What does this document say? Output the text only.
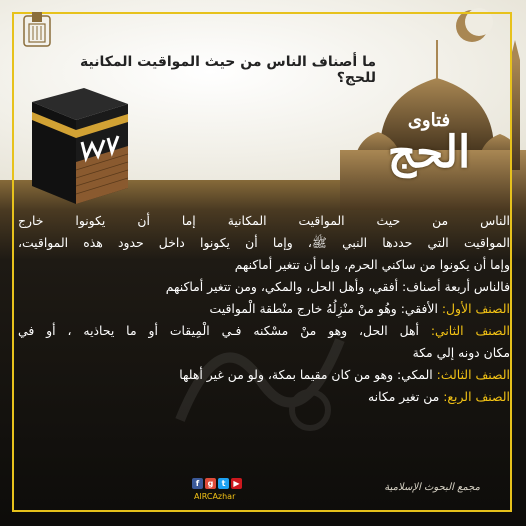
ما أصناف الناس من حيث المواقيت المكانية للحج؟
فتاوى
الحج

الناس من حيث المواقيت المكانية إما أن يكونوا خارج

المواقيت التي حددها النبي ﷺ، وإما أن يكونوا داخل حدود هذه المواقيت،

وإما أن يكونوا من ساكني الحرم، وإما أن تتغير أماكنهم

فالناس أربعة أصناف: أفقي، وأهل الحل، والمكي، ومن تتغير أماكنهم

الصنف الأول: الأفقي: وهُو منْ منْزِلُهُ خارج منْطقة الْمواقيت

الصنف الثاني: أهل الحل، وهو منْ مسْكنه فـي الْمِيقات أو ما يحاذيه ، أو في

مكان دونه إلي مكة

الصنف الثالث: المكي: وهو من كان مقيما بمكة، ولو من غير أهلها

الصنف الربع: من تغير مكانه

f	g	t	▶
AlRCAzhar
مجمع البحوث الإسلامية
